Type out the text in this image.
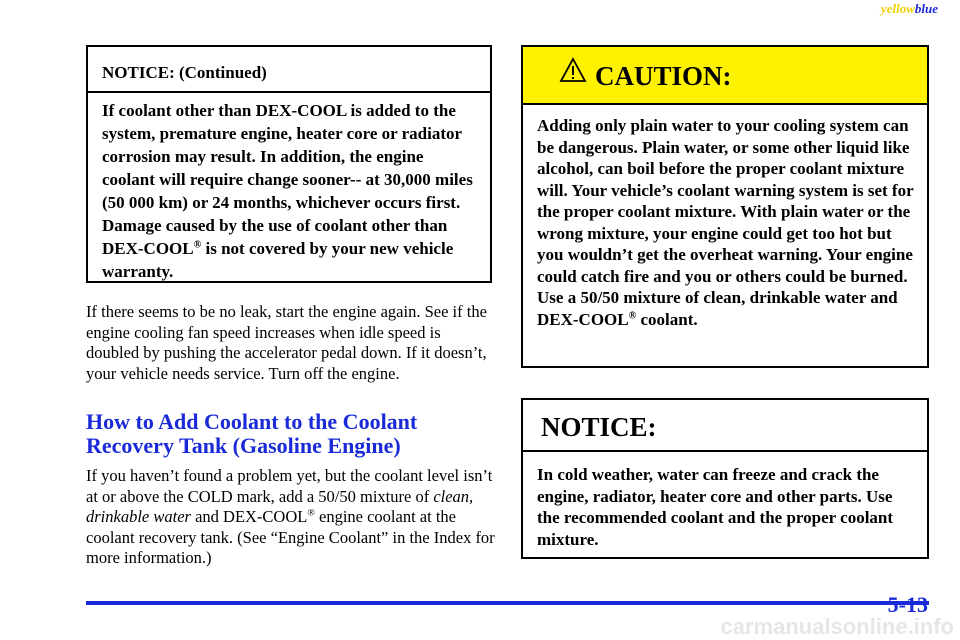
yellowblue
NOTICE: (Continued)
If coolant other than DEX-COOL is added to the system, premature engine, heater core or radiator corrosion may result. In addition, the engine coolant will require change sooner-- at 30,000 miles (50 000 km) or 24 months, whichever occurs first. Damage caused by the use of coolant other than DEX-COOL® is not covered by your new vehicle warranty.
If there seems to be no leak, start the engine again. See if the engine cooling fan speed increases when idle speed is doubled by pushing the accelerator pedal down. If it doesn’t, your vehicle needs service. Turn off the engine.
How to Add Coolant to the Coolant Recovery Tank (Gasoline Engine)
If you haven’t found a problem yet, but the coolant level isn’t at or above the COLD mark, add a 50/50 mixture of clean, drinkable water and DEX-COOL® engine coolant at the coolant recovery tank. (See “Engine Coolant” in the Index for more information.)
CAUTION:
Adding only plain water to your cooling system can be dangerous. Plain water, or some other liquid like alcohol, can boil before the proper coolant mixture will. Your vehicle’s coolant warning system is set for the proper coolant mixture. With plain water or the wrong mixture, your engine could get too hot but you wouldn’t get the overheat warning. Your engine could catch fire and you or others could be burned. Use a 50/50 mixture of clean, drinkable water and DEX-COOL® coolant.
NOTICE:
In cold weather, water can freeze and crack the engine, radiator, heater core and other parts. Use the recommended coolant and the proper coolant mixture.
5-13
carmanualsonline.info
